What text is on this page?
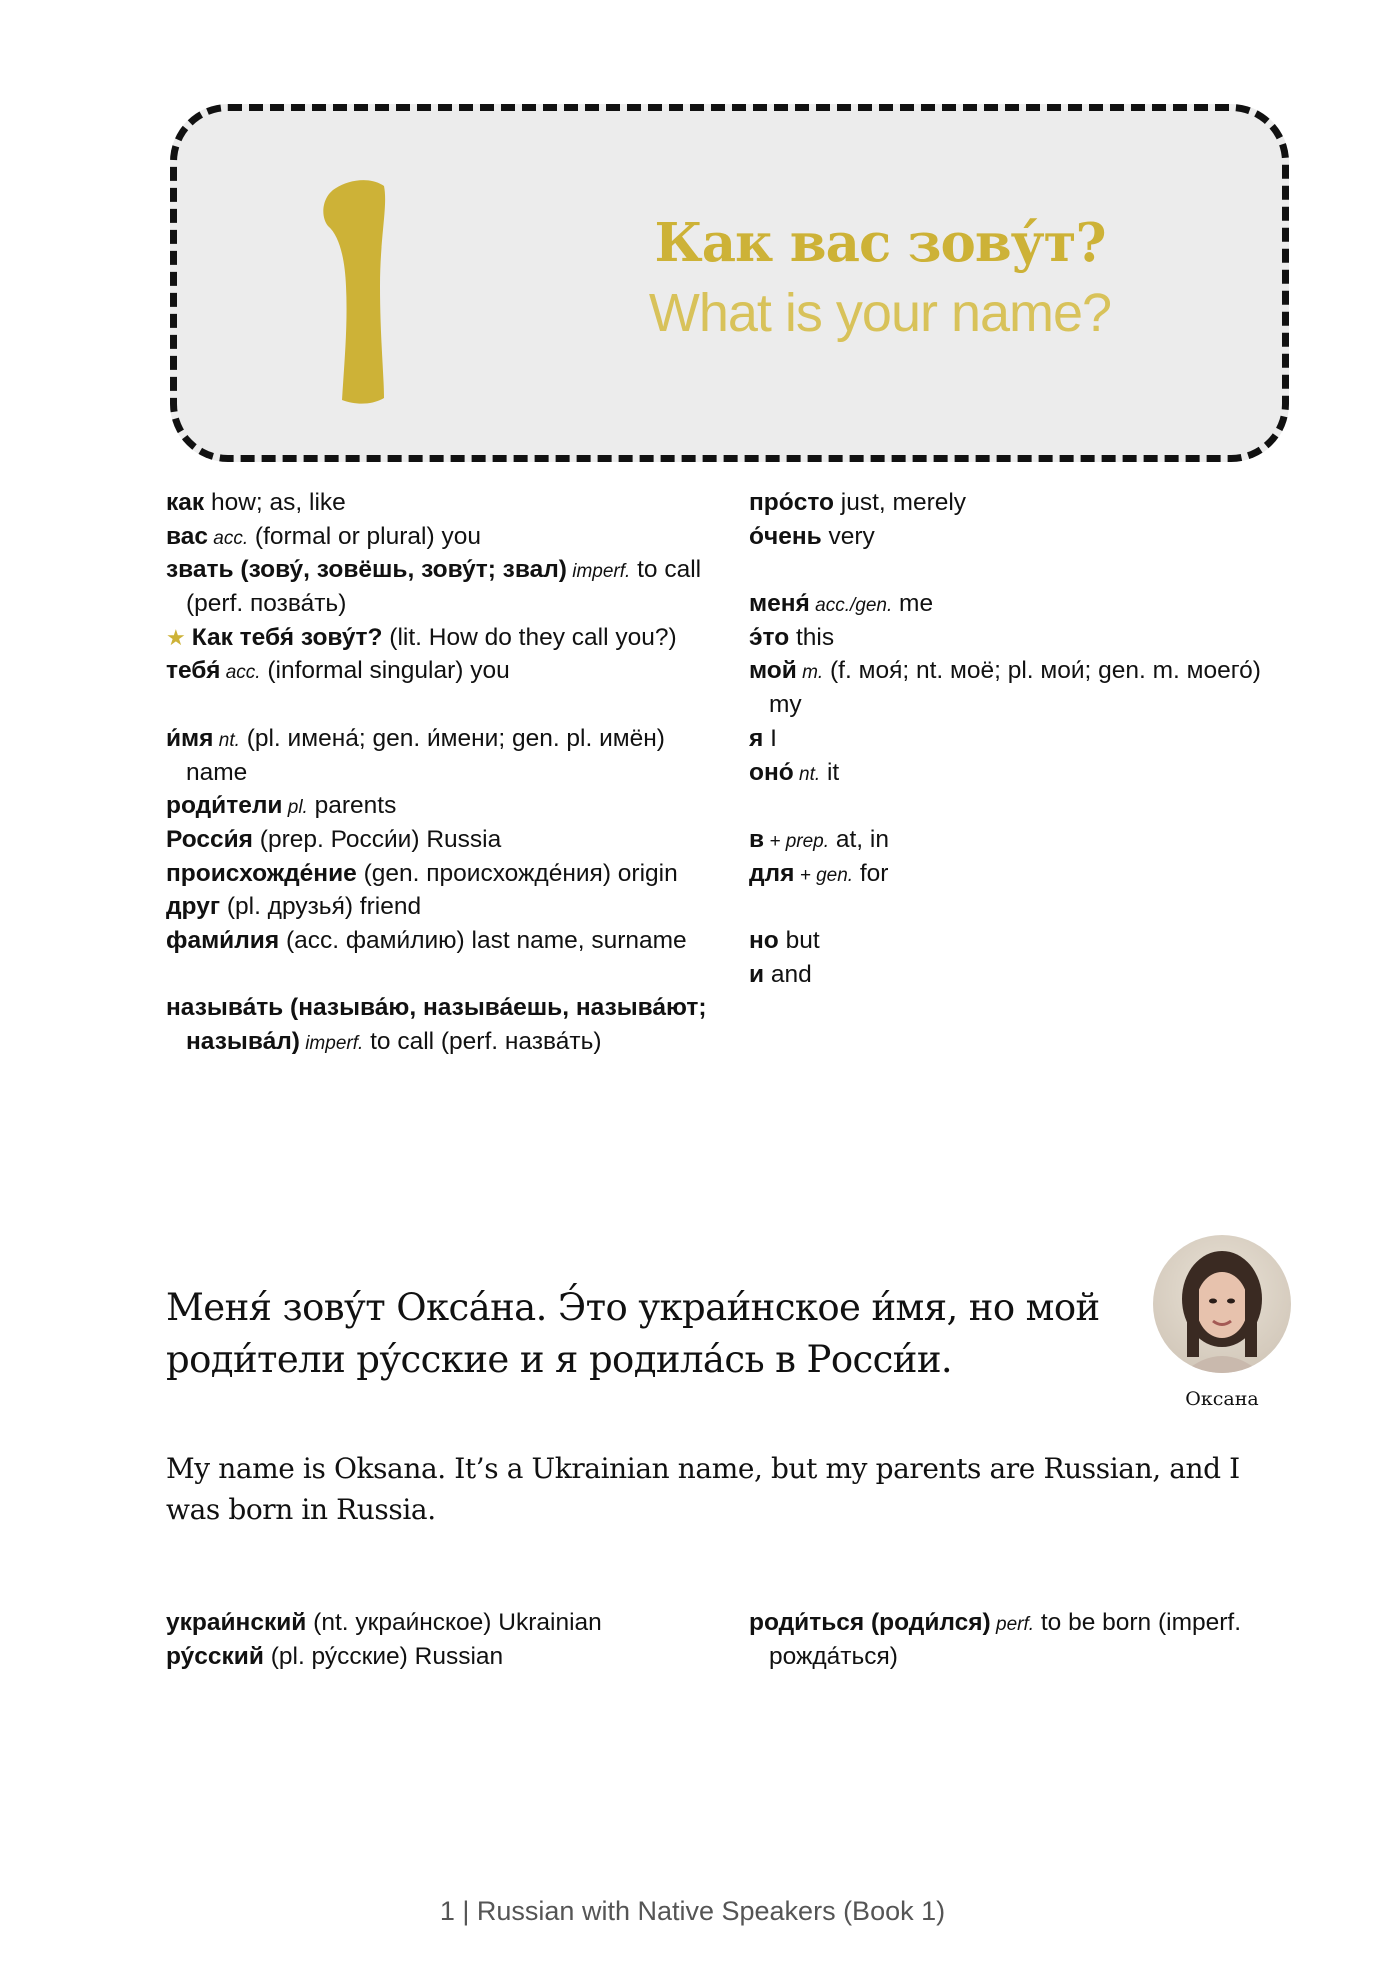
Как вас зову́т?
What is your name?
как how; as, like
вас acc. (formal or plural) you
звать (зову́, зовёшь, зову́т; звал) imperf. to call
(perf. позва́ть)
★ Как тебя́ зову́т? (lit. How do they call you?)
тебя́ acc. (informal singular) you
и́мя nt. (pl. имена́; gen. и́мени; gen. pl. имён)
name
роди́тели pl. parents
Росси́я (prep. Росси́и) Russia
происхожде́ние (gen. происхожде́ния) origin
друг (pl. друзья́) friend
фами́лия (acc. фами́лию) last name, surname
называ́ть (называ́ю, называ́ешь, называ́ют;
называ́л) imperf. to call (perf. назва́ть)
про́сто just, merely
о́чень very
меня́ acc./gen. me
э́то this
мой m. (f. моя́; nt. моё; pl. мои́; gen. m. моего́)
my
я I
оно́ nt. it
в + prep. at, in
для + gen. for
но but
и and
Оксана
Меня́ зову́т Окса́на. Э́то украи́нское и́мя, но мой роди́тели ру́сские и я родила́сь в Росси́и.
My name is Oksana. It’s a Ukrainian name, but my parents are Russian, and I was born in Russia.
украи́нский (nt. украи́нское) Ukrainian
ру́сский (pl. ру́сские) Russian
роди́ться (роди́лся) perf. to be born (imperf.
рожда́ться)
1 | Russian with Native Speakers (Book 1)
